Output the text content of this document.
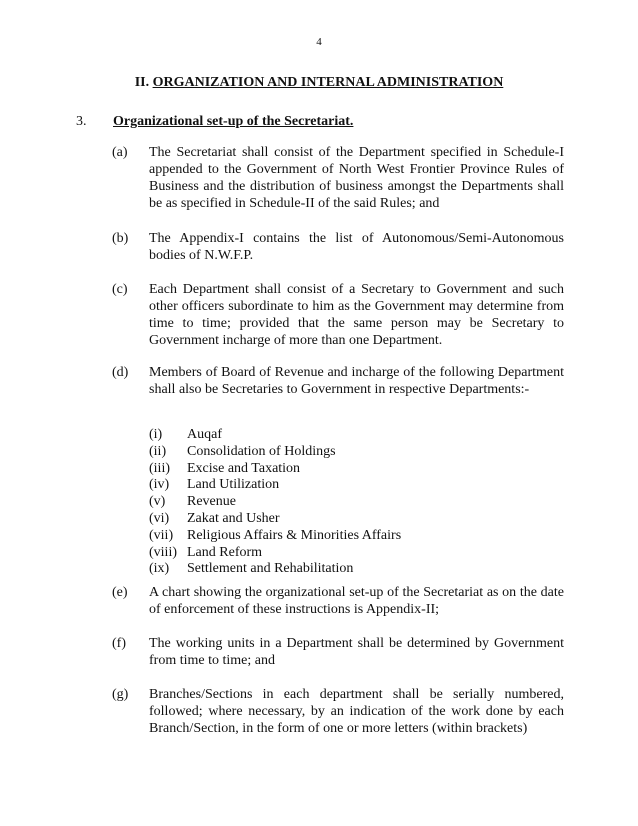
4
II. ORGANIZATION AND INTERNAL ADMINISTRATION
3. Organizational set-up of the Secretariat.
(a) The Secretariat shall consist of the Department specified in Schedule-I appended to the Government of North West Frontier Province Rules of Business and the distribution of business amongst the Departments shall be as specified in Schedule-II of the said Rules; and
(b) The Appendix-I contains the list of Autonomous/Semi-Autonomous bodies of N.W.F.P.
(c) Each Department shall consist of a Secretary to Government and such other officers subordinate to him as the Government may determine from time to time; provided that the same person may be Secretary to Government incharge of more than one Department.
(d) Members of Board of Revenue and incharge of the following Department shall also be Secretaries to Government in respective Departments:-
(i) Auqaf
(ii) Consolidation of Holdings
(iii) Excise and Taxation
(iv) Land Utilization
(v) Revenue
(vi) Zakat and Usher
(vii) Religious Affairs & Minorities Affairs
(viii) Land Reform
(ix) Settlement and Rehabilitation
(e) A chart showing the organizational set-up of the Secretariat as on the date of enforcement of these instructions is Appendix-II;
(f) The working units in a Department shall be determined by Government from time to time; and
(g) Branches/Sections in each department shall be serially numbered, followed; where necessary, by an indication of the work done by each Branch/Section, in the form of one or more letters (within brackets)
